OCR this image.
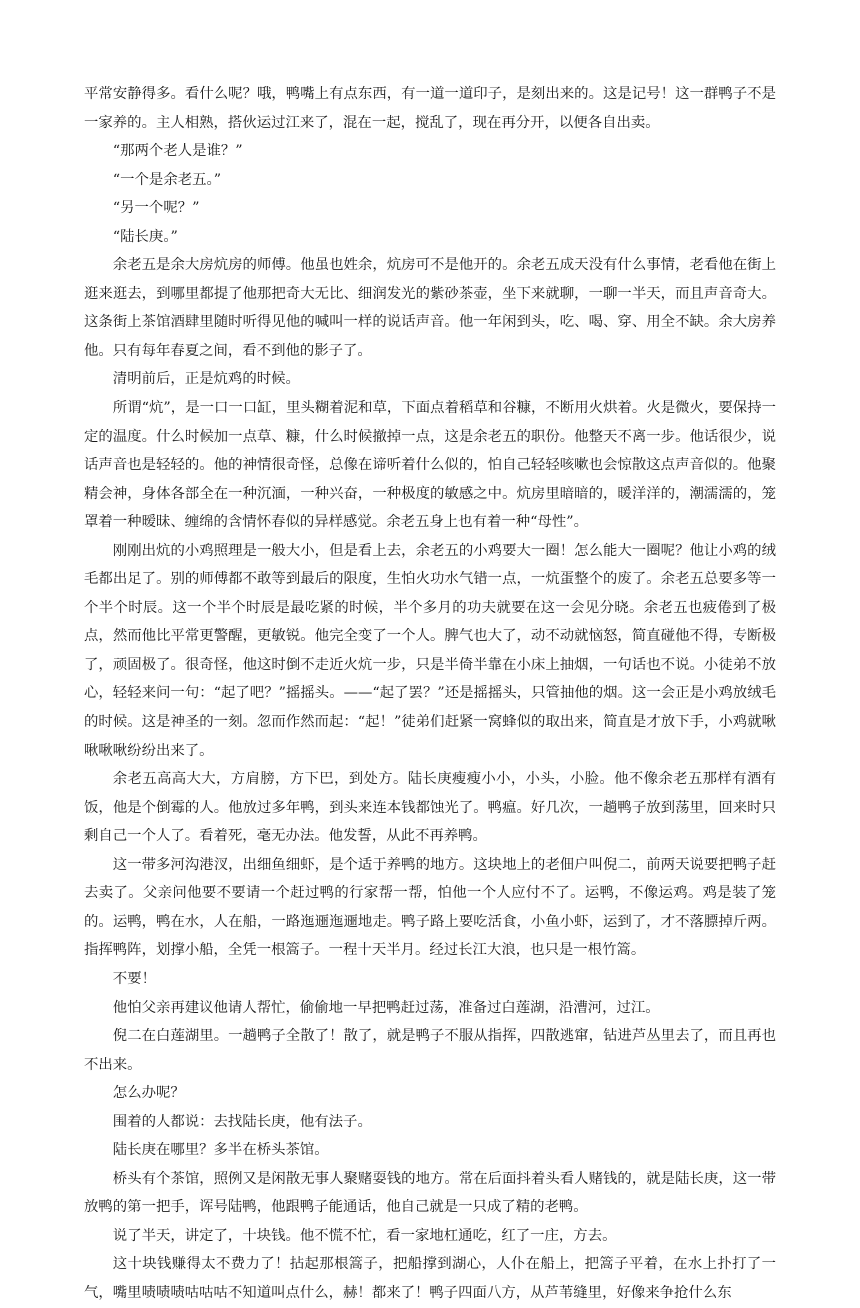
平常安静得多。看什么呢？哦，鸭嘴上有点东西，有一道一道印子，是刻出来的。这是记号！这一群鸭子不是一家养的。主人相熟，搭伙运过江来了，混在一起，搅乱了，现在再分开，以便各自出卖。

“那两个老人是谁？”

“一个是余老五。”

“另一个呢？”

“陆长庚。”

余老五是余大房炕房的师傅。他虽也姓余，炕房可不是他开的。余老五成天没有什么事情，老看他在街上逛来逛去，到哪里都提了他那把奇大无比、细润发光的紫砂茶壶，坐下来就聊，一聊一半天，而且声音奇大。这条街上茶馆酒肆里随时听得见他的喊叫一样的说话声音。他一年闲到头，吃、喝、穿、用全不缺。余大房养他。只有每年春夏之间，看不到他的影子了。

清明前后，正是炕鸡的时候。

所谓“炕”，是一口一口缸，里头糊着泥和草，下面点着稻草和谷糠，不断用火烘着。火是微火，要保持一定的温度。什么时候加一点草、糠，什么时候撤掉一点，这是余老五的职份。他整天不离一步。他话很少，说话声音也是轻轻的。他的神情很奇怪，总像在谛听着什么似的，怕自己轻轻咳嗽也会惊散这点声音似的。他聚精会神，身体各部全在一种沉湎，一种兴奋，一种极度的敏感之中。炕房里暗暗的，暖洋洋的，潮濡濡的，笼罩着一种暧昧、缠绵的含情怀春似的异样感觉。余老五身上也有着一种“母性”。

刚刚出炕的小鸡照理是一般大小，但是看上去，余老五的小鸡要大一圈！怎么能大一圈呢？他让小鸡的绒毛都出足了。别的师傅都不敢等到最后的限度，生怕火功水气错一点，一炕蛋整个的废了。余老五总要多等一个半个时辰。这一个半个时辰是最吃紧的时候，半个多月的功夫就要在这一会见分晓。余老五也疲倦到了极点，然而他比平常更警醒，更敏锐。他完全变了一个人。脾气也大了，动不动就恼怒，简直碰他不得，专断极了，顽固极了。很奇怪，他这时倒不走近火炕一步，只是半倚半靠在小床上抽烟，一句话也不说。小徒弟不放心，轻轻来问一句：“起了吧？”摇摇头。——“起了罢？”还是摇摇头，只管抽他的烟。这一会正是小鸡放绒毛的时候。这是神圣的一刻。忽而作然而起：“起！”徒弟们赶紧一窝蜂似的取出来，简直是才放下手，小鸡就啾啾啾啾纷纷出来了。

余老五高高大大，方肩膀，方下巴，到处方。陆长庚瘦瘦小小，小头，小脸。他不像余老五那样有酒有饭，他是个倒霉的人。他放过多年鸭，到头来连本钱都蚀光了。鸭瘟。好几次，一趟鸭子放到荡里，回来时只剩自己一个人了。看着死，毫无办法。他发誓，从此不再养鸭。

这一带多河沟港汊，出细鱼细虾，是个适于养鸭的地方。这块地上的老佃户叫倪二，前两天说要把鸭子赶去卖了。父亲问他要不要请一个赶过鸭的行家帮一帮，怕他一个人应付不了。运鸭，不像运鸡。鸡是装了笼的。运鸭，鸭在水，人在船，一路迤逦迤逦地走。鸭子路上要吃活食，小鱼小虾，运到了，才不落膘掉斤两。指挥鸭阵，划撑小船，全凭一根篙子。一程十天半月。经过长江大浪，也只是一根竹篙。

不要！

他怕父亲再建议他请人帮忙，偷偷地一早把鸭赶过荡，准备过白莲湖，沿漕河，过江。

倪二在白莲湖里。一趟鸭子全散了！散了，就是鸭子不服从指挥，四散逃窜，钻进芦丛里去了，而且再也不出来。

怎么办呢？

围着的人都说：去找陆长庚，他有法子。

陆长庚在哪里？多半在桥头茶馆。

桥头有个茶馆，照例又是闲散无事人聚赌耍钱的地方。常在后面抖着头看人赌钱的，就是陆长庚，这一带放鸭的第一把手，诨号陆鸭，他跟鸭子能通话，他自己就是一只成了精的老鸭。

说了半天，讲定了，十块钱。他不慌不忙，看一家地杠通吃，红了一庄，方去。

这十块钱赚得太不费力了！拈起那根篙子，把船撑到湖心，人仆在船上，把篙子平着，在水上扑打了一气，嘴里啧啧啧咕咕咕不知道叫点什么，赫！都来了！鸭子四面八方，从芦苇缝里，好像来争抢什么东
